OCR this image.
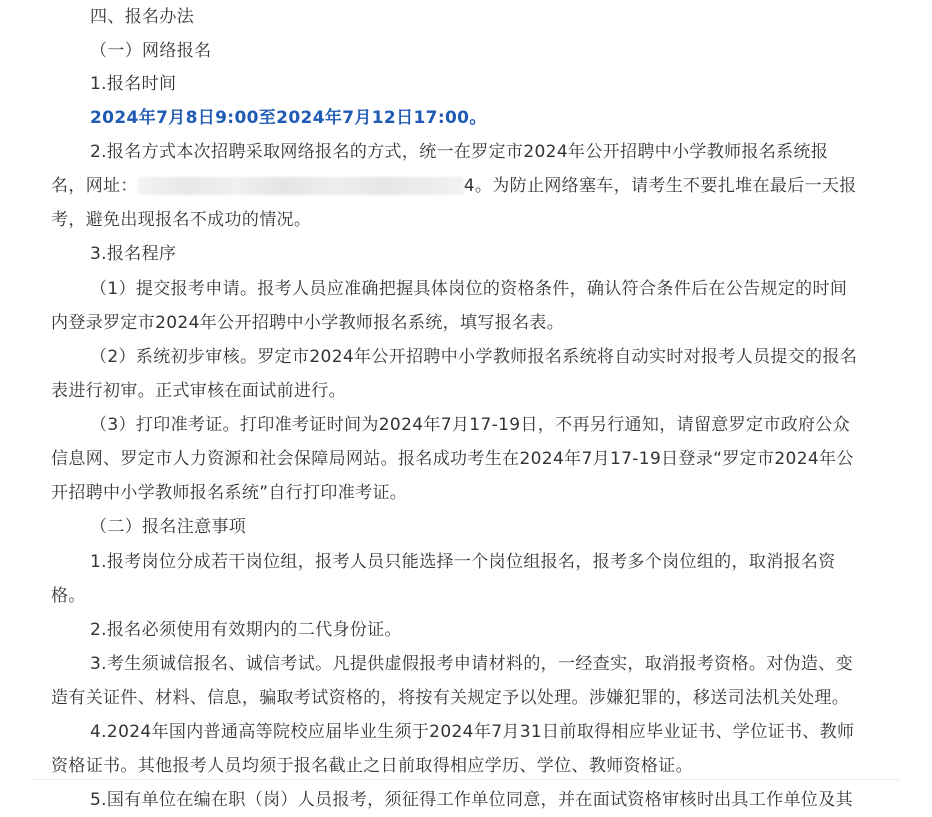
四、报名办法
（一）网络报名
1.报名时间
2024年7月8日9:00至2024年7月12日17:00。
2.报名方式本次招聘采取网络报名的方式，统一在罗定市2024年公开招聘中小学教师报名系统报
名，网址：	4。为防止网络塞车，请考生不要扎堆在最后一天报
考，避免出现报名不成功的情况。
3.报名程序
（1）提交报考申请。报考人员应准确把握具体岗位的资格条件，确认符合条件后在公告规定的时间
内登录罗定市2024年公开招聘中小学教师报名系统，填写报名表。
（2）系统初步审核。罗定市2024年公开招聘中小学教师报名系统将自动实时对报考人员提交的报名
表进行初审。正式审核在面试前进行。
（3）打印准考证。打印准考证时间为2024年7月17-19日，不再另行通知，请留意罗定市政府公众
信息网、罗定市人力资源和社会保障局网站。报名成功考生在2024年7月17-19日登录“罗定市2024年公
开招聘中小学教师报名系统”自行打印准考证。
（二）报名注意事项
1.报考岗位分成若干岗位组，报考人员只能选择一个岗位组报名，报考多个岗位组的，取消报名资
格。
2.报名必须使用有效期内的二代身份证。
3.考生须诚信报名、诚信考试。凡提供虚假报考申请材料的，一经查实，取消报考资格。对伪造、变
造有关证件、材料、信息，骗取考试资格的，将按有关规定予以处理。涉嫌犯罪的，移送司法机关处理。
4.2024年国内普通高等院校应届毕业生须于2024年7月31日前取得相应毕业证书、学位证书、教师
资格证书。其他报考人员均须于报名截止之日前取得相应学历、学位、教师资格证。
5.国有单位在编在职（岗）人员报考，须征得工作单位同意，并在面试资格审核时出具工作单位及其
